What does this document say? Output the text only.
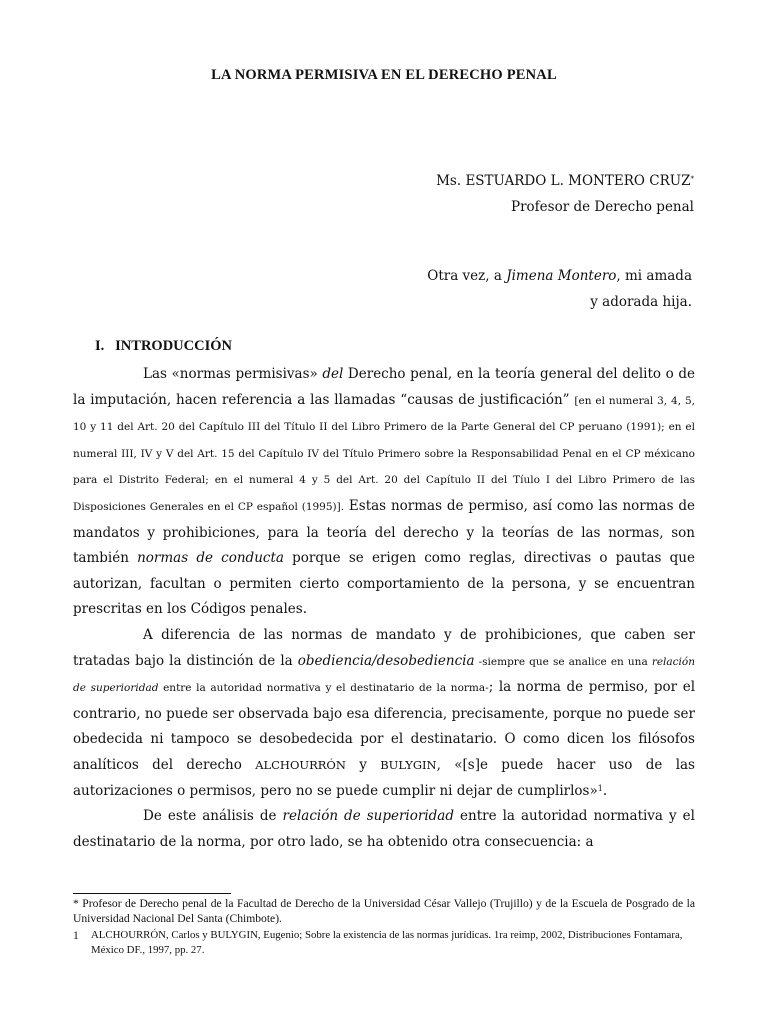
LA NORMA PERMISIVA EN EL DERECHO PENAL
Ms. ESTUARDO L. MONTERO CRUZ*
Profesor de Derecho penal
Otra vez, a Jimena Montero, mi amada
y adorada hija.
I. INTRODUCCIÓN

Las «normas permisivas» del Derecho penal, en la teoría general del delito o de la imputación, hacen referencia a las llamadas “causas de justificación” [en el numeral 3, 4, 5, 10 y 11 del Art. 20 del Capítulo III del Título II del Libro Primero de la Parte General del CP peruano (1991); en el numeral III, IV y V del Art. 15 del Capítulo IV del Título Primero sobre la Responsabilidad Penal en el CP méxicano para el Distrito Federal; en el numeral 4 y 5 del Art. 20 del Capítulo II del Tíulo I del Libro Primero de las Disposiciones Generales en el CP español (1995)]. Estas normas de permiso, así como las normas de mandatos y prohibiciones, para la teoría del derecho y la teorías de las normas, son también normas de conducta porque se erigen como reglas, directivas o pautas que autorizan, facultan o permiten cierto comportamiento de la persona, y se encuentran prescritas en los Códigos penales.

A diferencia de las normas de mandato y de prohibiciones, que caben ser tratadas bajo la distinción de la obediencia/desobediencia -siempre que se analice en una relación de superioridad entre la autoridad normativa y el destinatario de la norma-; la norma de permiso, por el contrario, no puede ser observada bajo esa diferencia, precisamente, porque no puede ser obedecida ni tampoco se desobedecida por el destinatario. O como dicen los filósofos analíticos del derecho ALCHOURRÓN y BULYGIN, «[s]e puede hacer uso de las autorizaciones o permisos, pero no se puede cumplir ni dejar de cumplirlos»$^1$.

De este análisis de relación de superioridad entre la autoridad normativa y el destinatario de la norma, por otro lado, se ha obtenido otra consecuencia: a

* Profesor de Derecho penal de la Facultad de Derecho de la Universidad César Vallejo (Trujillo) y de la Escuela de Posgrado de la Universidad Nacional Del Santa (Chimbote).
1	ALCHOURRÓN, Carlos y BULYGIN, Eugenio; Sobre la existencia de las normas jurídicas. 1ra reimp, 2002, Distribuciones Fontamara, México DF., 1997, pp. 27.
